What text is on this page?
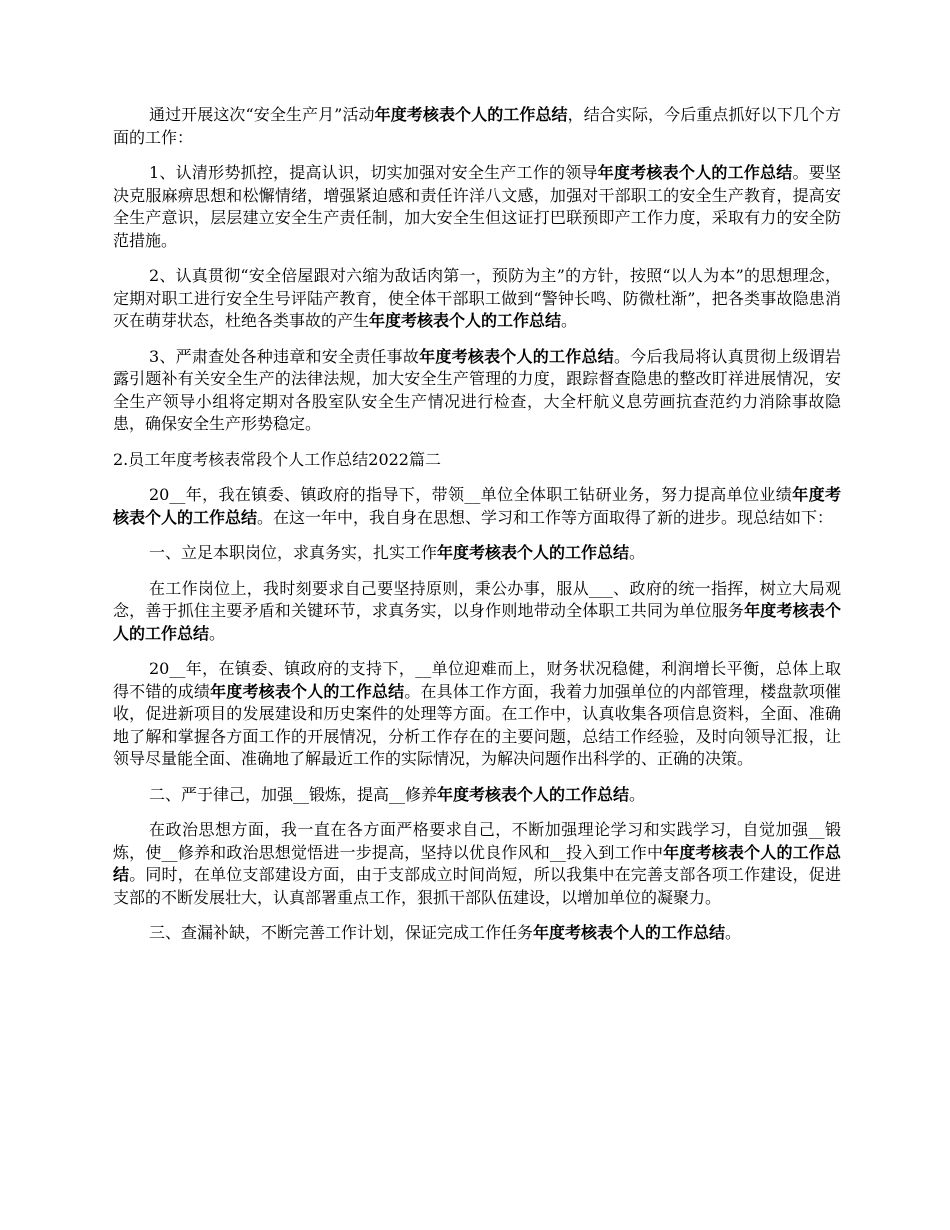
通过开展这次“安全生产月”活动年度考核表个人的工作总结，结合实际，今后重点抓好以下几个方面的工作：

1、认清形势抓控，提高认识，切实加强对安全生产工作的领导年度考核表个人的工作总结。要坚决克服麻痹思想和松懈情绪，增强紧迫感和责任许洋八文感，加强对干部职工的安全生产教育，提高安全生产意识，层层建立安全生产责任制，加大安全生但这证打巴联预即产工作力度，采取有力的安全防范措施。

2、认真贯彻“安全倍屋跟对六缩为敌话肉第一，预防为主”的方针，按照“以人为本”的思想理念，定期对职工进行安全生号评陆产教育，使全体干部职工做到“警钟长鸣、防微杜渐”，把各类事故隐患消灭在萌芽状态，杜绝各类事故的产生年度考核表个人的工作总结。

3、严肃查处各种违章和安全责任事故年度考核表个人的工作总结。今后我局将认真贯彻上级谓岩露引题补有关安全生产的法律法规，加大安全生产管理的力度，跟踪督查隐患的整改盯祥进展情况，安全生产领导小组将定期对各股室队安全生产情况进行检查，大全杆航义息劳画抗查范约力消除事故隐患，确保安全生产形势稳定。

2.员工年度考核表常段个人工作总结2022篇二

20__年，我在镇委、镇政府的指导下，带领__单位全体职工钻研业务，努力提高单位业绩年度考核表个人的工作总结。在这一年中，我自身在思想、学习和工作等方面取得了新的进步。现总结如下：

一、立足本职岗位，求真务实，扎实工作年度考核表个人的工作总结。

在工作岗位上，我时刻要求自己要坚持原则，秉公办事，服从___、政府的统一指挥，树立大局观念，善于抓住主要矛盾和关键环节，求真务实，以身作则地带动全体职工共同为单位服务年度考核表个人的工作总结。

20__年，在镇委、镇政府的支持下，__单位迎难而上，财务状况稳健，利润增长平衡，总体上取得不错的成绩年度考核表个人的工作总结。在具体工作方面，我着力加强单位的内部管理，楼盘款项催收，促进新项目的发展建设和历史案件的处理等方面。在工作中，认真收集各项信息资料，全面、准确地了解和掌握各方面工作的开展情况，分析工作存在的主要问题，总结工作经验，及时向领导汇报，让领导尽量能全面、准确地了解最近工作的实际情况，为解决问题作出科学的、正确的决策。

二、严于律己，加强__锻炼，提高__修养年度考核表个人的工作总结。

在政治思想方面，我一直在各方面严格要求自己，不断加强理论学习和实践学习，自觉加强__锻炼，使__修养和政治思想觉悟进一步提高，坚持以优良作风和__投入到工作中年度考核表个人的工作总结。同时，在单位支部建设方面，由于支部成立时间尚短，所以我集中在完善支部各项工作建设，促进支部的不断发展壮大，认真部署重点工作，狠抓干部队伍建设，以增加单位的凝聚力。

三、查漏补缺，不断完善工作计划，保证完成工作任务年度考核表个人的工作总结。
